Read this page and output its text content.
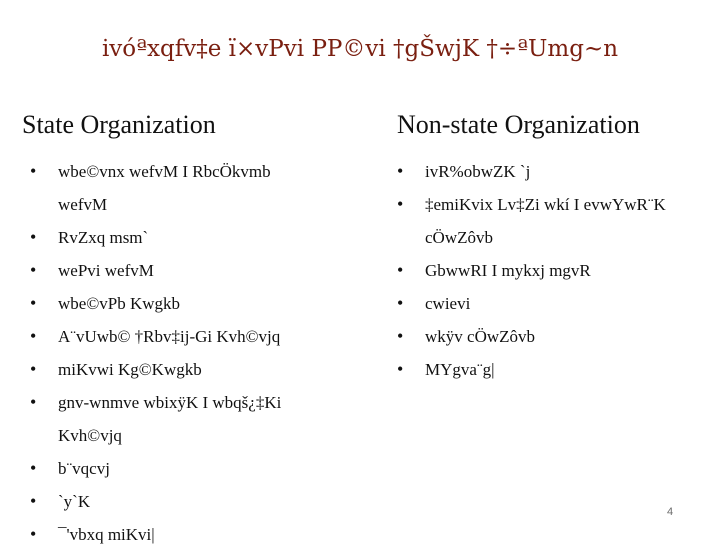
ivóªxqfv‡e ï×vPvi PP©vi †gŠwjK †÷ªUmg~n
State Organization	Non-state Organization
•	wbe©vnx wefvM I RbcÖkvmb
wefvM
•	RvZxq msm`
•	wePvi wefvM
•	wbe©vPb Kwgkb
•	A¨vUwb© †Rbv‡ij-Gi Kvh©vjq
•	miKvwi Kg©Kwgkb
•	gnv-wnmve wbixÿK I wbqš¿‡Ki
Kvh©vjq
•	b¨vqcvj
•	`y`K
•	¯'vbxq miKvi|
•	ivR%obwZK `j
•	‡emiKvix Lv‡Zi wkí I evwYwR¨K
cÖwZôvb
•	GbwwRI I mykxj mgvR
•	cwievi
•	wkÿv cÖwZôvb
•	MYgva¨g|
4
